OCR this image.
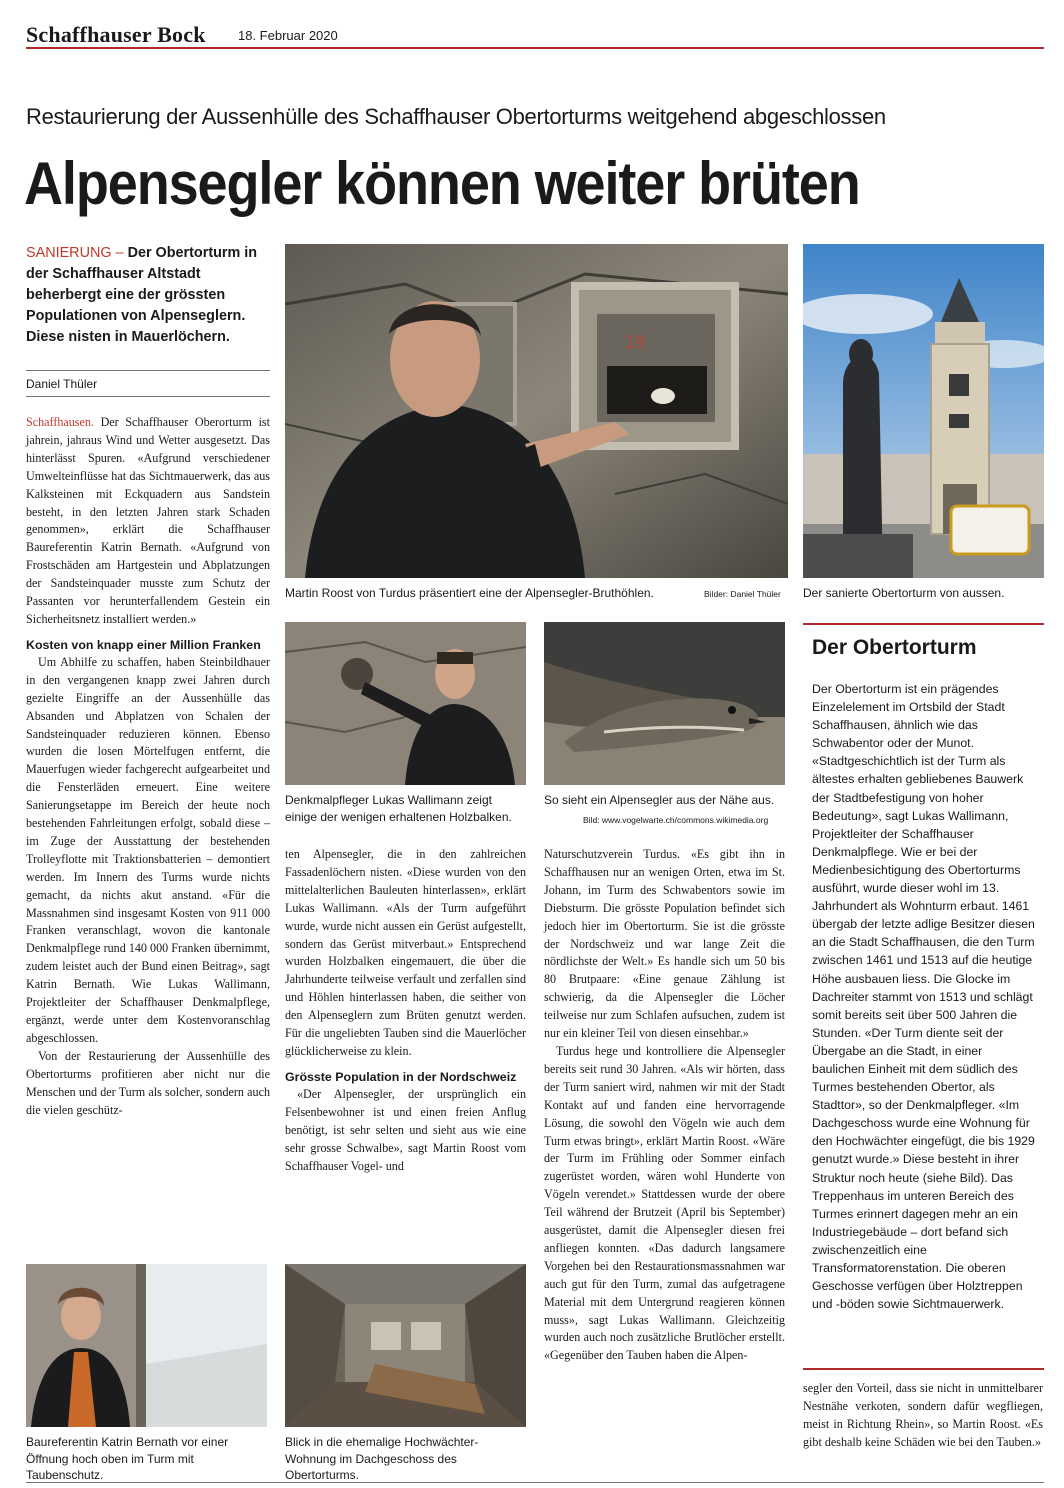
Schaffhauser Bock 18. Februar 2020
Restaurierung der Aussenhülle des Schaffhauser Obertorturms weitgehend abgeschlossen
Alpensegler können weiter brüten
SANIERUNG – Der Obertorturm in der Schaffhauser Altstadt beherbergt eine der grössten Populationen von Alpenseglern. Diese nisten in Mauerlöchern.
Daniel Thüler

Schaffhausen. Der Schaffhauser Oberorturm ist jahrein, jahraus Wind und Wetter ausgesetzt. Das hinterlässt Spuren. «Aufgrund verschiedener Umwelteinflüsse hat das Sichtmauerwerk, das aus Kalksteinen mit Eckquadern aus Sandstein besteht, in den letzten Jahren stark Schaden genommen», erklärt die Schaffhauser Baureferentin Katrin Bernath. «Aufgrund von Frostschäden am Hartgestein und Abplatzungen der Sandsteinquader musste zum Schutz der Passanten vor herunterfallendem Gestein ein Sicherheitsnetz installiert werden.»

Kosten von knapp einer Million Franken

Um Abhilfe zu schaffen, haben Steinbildhauer in den vergangenen knapp zwei Jahren durch gezielte Eingriffe an der Aussenhülle das Absanden und Abplatzen von Schalen der Sandsteinquader reduzieren können. Ebenso wurden die losen Mörtelfugen entfernt, die Mauerfugen wieder fachgerecht aufgearbeitet und die Fensterläden erneuert. Eine weitere Sanierungsetappe im Bereich der heute noch bestehenden Fahrleitungen erfolgt, sobald diese – im Zuge der Ausstattung der bestehenden Trolleyflotte mit Traktionsbatterien – demontiert werden. Im Innern des Turms wurde nichts gemacht, da nichts akut anstand. «Für die Massnahmen sind insgesamt Kosten von 911 000 Franken veranschlagt, wovon die kantonale Denkmalpflege rund 140 000 Franken übernimmt, zudem leistet auch der Bund einen Beitrag», sagt Katrin Bernath. Wie Lukas Wallimann, Projektleiter der Schaffhauser Denkmalpflege, ergänzt, werde unter dem Kostenvoranschlag abgeschlossen.

Von der Restaurierung der Aussenhülle des Obertorturms profitieren aber nicht nur die Menschen und der Turm als solcher, sondern auch die vielen geschütz-

19
Martin Roost von Turdus präsentiert eine der Alpensegler-Bruthöhlen.	Bilder: Daniel Thüler Der sanierte Obertorturm von aussen.
Denkmalpfleger Lukas Wallimann zeigt einige der wenigen erhaltenen Holzbalken.
So sieht ein Alpensegler aus der Nähe aus.
Bild: www.vogelwarte.ch/commons.wikimedia.org

ten Alpensegler, die in den zahlreichen Fassadenlöchern nisten. «Diese wurden von den mittelalterlichen Bauleuten hinterlassen», erklärt Lukas Wallimann. «Als der Turm aufgeführt wurde, wurde nicht aussen ein Gerüst aufgestellt, sondern das Gerüst mitverbaut.» Entsprechend wurden Holzbalken eingemauert, die über die Jahrhunderte teilweise verfault und zerfallen sind und Höhlen hinterlassen haben, die seither von den Alpenseglern zum Brüten genutzt werden. Für die ungeliebten Tauben sind die Mauerlöcher glücklicherweise zu klein.

Grösste Population in der Nordschweiz

«Der Alpensegler, der ursprünglich ein Felsenbewohner ist und einen freien Anflug benötigt, ist sehr selten und sieht aus wie eine sehr grosse Schwalbe», sagt Martin Roost vom Schaffhauser Vogel- und

Naturschutzverein Turdus. «Es gibt ihn in Schaffhausen nur an wenigen Orten, etwa im St. Johann, im Turm des Schwabentors sowie im Diebsturm. Die grösste Population befindet sich jedoch hier im Obertorturm. Sie ist die grösste der Nordschweiz und war lange Zeit die nördlichste der Welt.» Es handle sich um 50 bis 80 Brutpaare: «Eine genaue Zählung ist schwierig, da die Alpensegler die Löcher teilweise nur zum Schlafen aufsuchen, zudem ist nur ein kleiner Teil von diesen einsehbar.»

Turdus hege und kontrolliere die Alpensegler bereits seit rund 30 Jahren. «Als wir hörten, dass der Turm saniert wird, nahmen wir mit der Stadt Kontakt auf und fanden eine hervorragende Lösung, die sowohl den Vögeln wie auch dem Turm etwas bringt», erklärt Martin Roost. «Wäre der Turm im Frühling oder Sommer einfach zugerüstet worden, wären wohl Hunderte von Vögeln verendet.» Stattdessen wurde der obere Teil während der Brutzeit (April bis September) ausgerüstet, damit die Alpensegler diesen frei anfliegen konnten. «Das dadurch langsamere Vorgehen bei den Restaurationsmassnahmen war auch gut für den Turm, zumal das aufgetragene Material mit dem Untergrund reagieren können muss», sagt Lukas Wallimann. Gleichzeitig wurden auch noch zusätzliche Brutlöcher erstellt. «Gegenüber den Tauben haben die Alpen-

Baureferentin Katrin Bernath vor einer Öffnung hoch oben im Turm mit Taubenschutz.
Blick in die ehemalige Hochwächter-Wohnung im Dachgeschoss des Obertorturms.
Der Obertorturm
Der Obertorturm ist ein prägendes Einzelelement im Ortsbild der Stadt Schaffhausen, ähnlich wie das Schwabentor oder der Munot. «Stadtgeschichtlich ist der Turm als ältestes erhalten gebliebenes Bauwerk der Stadtbefestigung von hoher Bedeutung», sagt Lukas Wallimann, Projektleiter der Schaffhauser Denkmalpflege. Wie er bei der Medienbesichtigung des Obertorturms ausführt, wurde dieser wohl im 13. Jahrhundert als Wohnturm erbaut. 1461 übergab der letzte adlige Besitzer diesen an die Stadt Schaffhausen, die den Turm zwischen 1461 und 1513 auf die heutige Höhe ausbauen liess. Die Glocke im Dachreiter stammt von 1513 und schlägt somit bereits seit über 500 Jahren die Stunden. «Der Turm diente seit der Übergabe an die Stadt, in einer baulichen Einheit mit dem südlich des Turmes bestehenden Obertor, als Stadttor», so der Denkmalpfleger. «Im Dachgeschoss wurde eine Wohnung für den Hochwächter eingefügt, die bis 1929 genutzt wurde.» Diese besteht in ihrer Struktur noch heute (siehe Bild). Das Treppenhaus im unteren Bereich des Turmes erinnert dagegen mehr an ein Industriegebäude – dort befand sich zwischenzeitlich eine Transformatorenstation. Die oberen Geschosse verfügen über Holztreppen und -böden sowie Sichtmauerwerk.
segler den Vorteil, dass sie nicht in unmittelbarer Nestnähe verkoten, sondern dafür wegfliegen, meist in Richtung Rhein», so Martin Roost. «Es gibt deshalb keine Schäden wie bei den Tauben.»
